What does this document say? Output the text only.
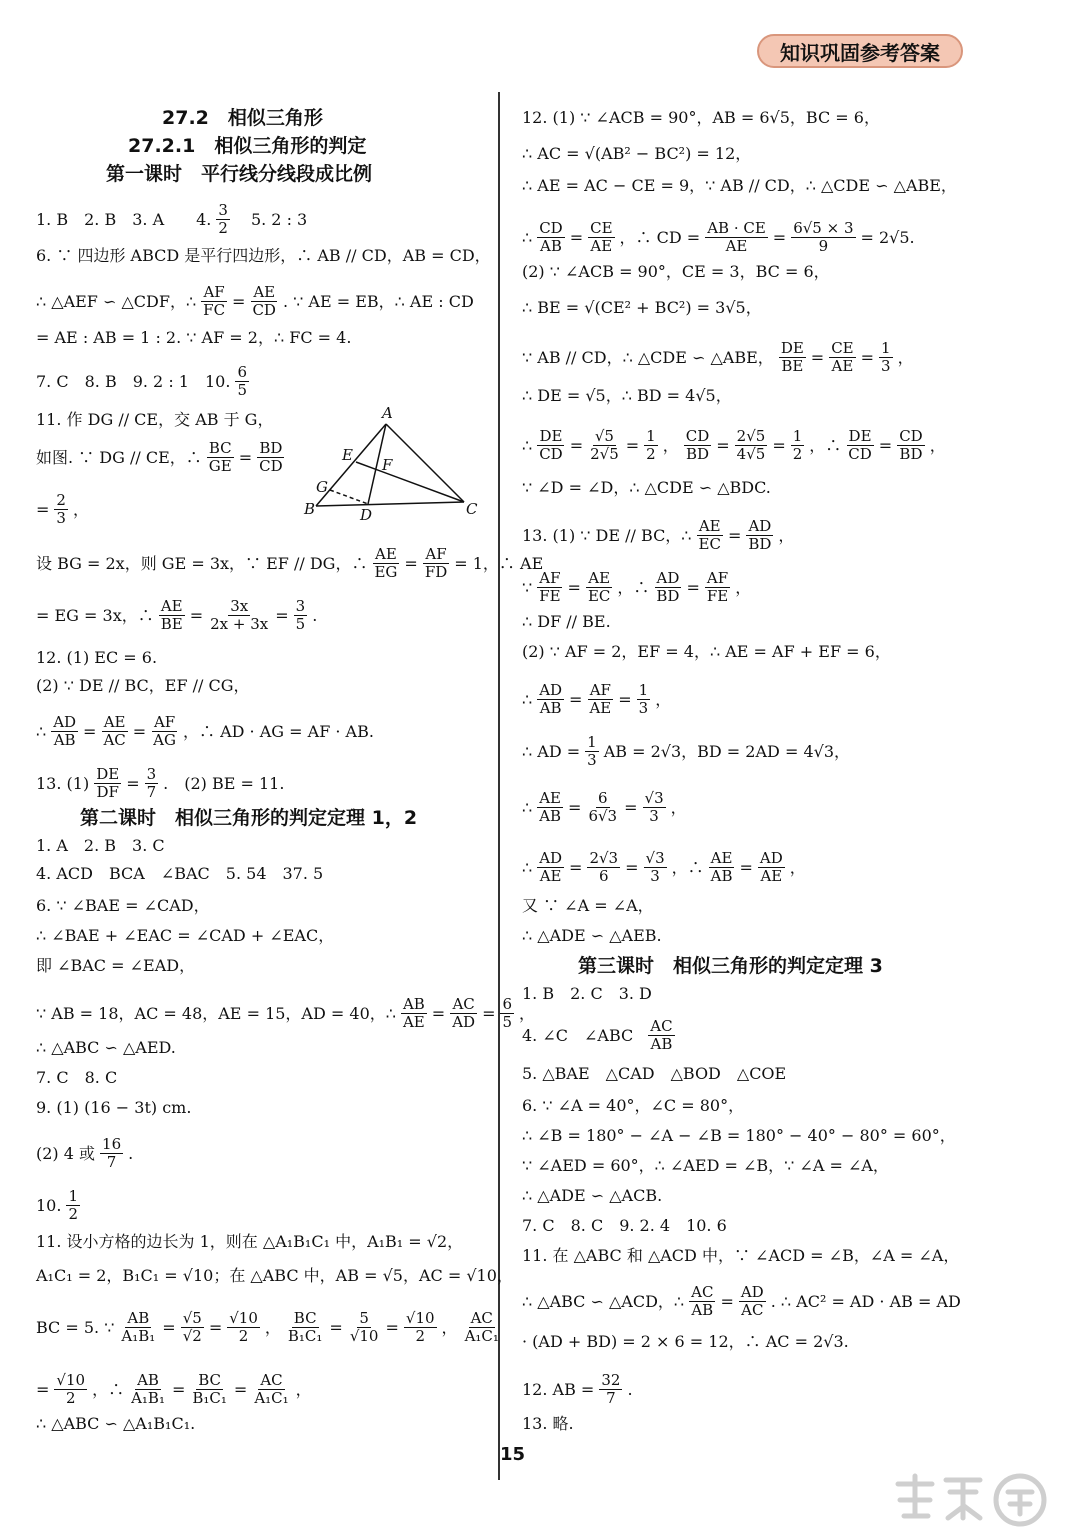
知识巩固参考答案
27.2　相似三角形
27.2.1　相似三角形的判定
第一课时　平行线分线段成比例
1. B　2. B　3. A　　4. $\frac{3}{2}$ 　5. 2 : 3
6. ∵ 四边形 ABCD 是平行四边形，∴ AB // CD，AB = CD，
∴ △AEF ∽ △CDF，∴ $\frac{AF}{FC} = \frac{AE}{CD}$ . ∵ AE = EB，∴ AE : CD
= AE : AB = 1 : 2. ∵ AF = 2，∴ FC = 4.
7. C　8. B　9. 2 : 1　10. $\frac{6}{5}$
11. 作 DG // CE，交 AB 于 G，
如图. ∵ DG // CE，∴ $\frac{BC}{GE} = \frac{BD}{CD}$
= $\frac{2}{3}$ ，
设 BG = 2x，则 GE = 3x，∵ EF // DG，∴ $\frac{AE}{EG} = \frac{AF}{FD} = 1$，∴ AE
= EG = 3x，∴ $\frac{AE}{BE} = \frac{3x}{2x + 3x} = \frac{3}{5}$ .
12. (1) EC = 6.
(2) ∵ DE // BC，EF // CG，
∴ $\frac{AD}{AB} = \frac{AE}{AC} = \frac{AF}{AG}$ ，∴ AD · AG = AF · AB.
13. $(1) \frac{DE}{DF} = \frac{3}{7}$ .　(2) BE = 11.
第二课时　相似三角形的判定定理 1，2
1. A　2. B　3. C
4. ACD　BCA　∠BAC　5. 54　37. 5
6. ∵ ∠BAE = ∠CAD，
∴ ∠BAE + ∠EAC = ∠CAD + ∠EAC，
即 ∠BAC = ∠EAD，
∵ AB = 18，AC = 48，AE = 15，AD = 40，∴ $\frac{AB}{AE} = \frac{AC}{AD} = \frac{6}{5}$ ，
∴ △ABC ∽ △AED.
7. C　8. C
9. (1) (16 − 3t) cm.
(2) 4 或 $\frac{16}{7}$ .
10. $\frac{1}{2}$
11. 设小方格的边长为 1，则在 △A₁B₁C₁ 中，A₁B₁ = √2，
A₁C₁ = 2，B₁C₁ = √10；在 △ABC 中，AB = √5，AC = √10，
BC = 5. ∵ $\frac{AB}{\text{A₁B₁}} = \frac{√5}{√2} = \frac{√10}{2}$ ， $\frac{BC}{\text{B₁C₁}} = \frac{5}{√10} = \frac{√10}{2}$ ， $\frac{AC}{\text{A₁C₁}}$
= $\frac{√10}{2}$ ，∴ $\frac{AB}{\text{A₁B₁}} = \frac{BC}{\text{B₁C₁}} = \frac{AC}{\text{A₁C₁}}$ ，
∴ △ABC ∽ △A₁B₁C₁.
A
E
F
G
B	D	C
12. (1) ∵ ∠ACB = 90°，AB = 6√5，BC = 6，
∴ AC = √(AB² − BC²) = 12，
∴ AE = AC − CE = 9，∵ AB // CD，∴ △CDE ∽ △ABE，
∴ $\frac{CD}{AB} = \frac{CE}{AE}$ ，∴ CD = $\frac{AB \cdot CE}{AE} = \frac{6√5 \times 3}{9} = 2√5$.
(2) ∵ ∠ACB = 90°，CE = 3，BC = 6，
∴ BE = √(CE² + BC²) = 3√5，
∵ AB // CD，∴ △CDE ∽ △ABE， $\frac{DE}{BE} = \frac{CE}{AE} = \frac{1}{3}$ ，
∴ DE = √5，∴ BD = 4√5，
∴ $\frac{DE}{CD} = \frac{√5}{2√5} = \frac{1}{2}$ ， $\frac{CD}{BD} = \frac{2√5}{4√5} = \frac{1}{2}$ ，∴ $\frac{DE}{CD} = \frac{CD}{BD}$ ，
∵ ∠D = ∠D，∴ △CDE ∽ △BDC.
13. (1) ∵ DE // BC，∴ $\frac{AE}{EC} = \frac{AD}{BD}$ ，
∵ $\frac{AF}{FE} = \frac{AE}{EC}$ ，∴ $\frac{AD}{BD} = \frac{AF}{FE}$ ，
∴ DF // BE.
(2) ∵ AF = 2，EF = 4，∴ AE = AF + EF = 6，
∴ $\frac{AD}{AB} = \frac{AF}{AE} = \frac{1}{3}$ ，
∴ AD = $\frac{1}{3}$ AB = 2√3，BD = 2AD = 4√3，
∴ $\frac{AE}{AB} = \frac{6}{6√3} = \frac{√3}{3}$ ，
∴ $\frac{AD}{AE} = \frac{2√3}{6} = \frac{√3}{3}$ ，∴ $\frac{AE}{AB} = \frac{AD}{AE}$ ，
又 ∵ ∠A = ∠A，
∴ △ADE ∽ △AEB.
第三课时　相似三角形的判定定理 3
1. B　2. C　3. D
4. ∠C　∠ABC $\frac{AC}{AB}$
5. △BAE　△CAD　△BOD　△COE
6. ∵ ∠A = 40°，∠C = 80°，
∴ ∠B = 180° − ∠A − ∠B = 180° − 40° − 80° = 60°，
∵ ∠AED = 60°，∴ ∠AED = ∠B，∵ ∠A = ∠A，
∴ △ADE ∽ △ACB.
7. C　8. C　9. 2. 4　10. 6
11. 在 △ABC 和 △ACD 中，∵ ∠ACD = ∠B，∠A = ∠A，
∴ △ABC ∽ △ACD，∴ $\frac{AC}{AB} = \frac{AD}{AC}$ . ∴ AC² = AD · AB = AD
· (AD + BD) = 2 × 6 = 12，∴ AC = 2√3.
12. AB = $\frac{32}{7}$ .
13. 略.
15
